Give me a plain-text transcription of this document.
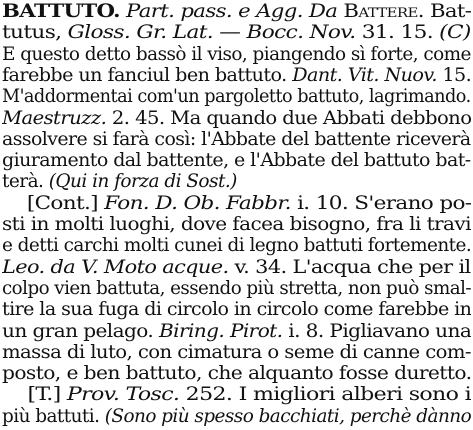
BATTUTO. Part. pass. e Agg. Da Battere. Bat-
tutus, Gloss. Gr. Lat. — Bocc. Nov. 31. 15. (C)
E questo detto bassò il viso, piangendo sì forte, come
farebbe un fanciul ben battuto. Dant. Vit. Nuov. 15.
M'addormentai com'un pargoletto battuto, lagrimando.
Maestruzz. 2. 45. Ma quando due Abbati debbono
assolvere si farà così: l'Abbate del battente riceverà
giuramento dal battente, e l'Abbate del battuto bat-
terà. (Qui in forza di Sost.)
[Cont.] Fon. D. Ob. Fabbr. i. 10. S'erano po-
sti in molti luoghi, dove facea bisogno, fra li travi
e detti carchi molti cunei di legno battuti fortemente.
Leo. da V. Moto acque. v. 34. L'acqua che per il
colpo vien battuta, essendo più stretta, non può smal-
tire la sua fuga di circolo in circolo come farebbe in
un gran pelago. Biring. Pirot. i. 8. Pigliavano una
massa di luto, con cimatura o seme di canne com-
posto, e ben battuto, che alquanto fosse duretto.
[T.] Prov. Tosc. 252. I migliori alberi sono i
più battuti. (Sono più spesso bacchiati, perchè dànno
